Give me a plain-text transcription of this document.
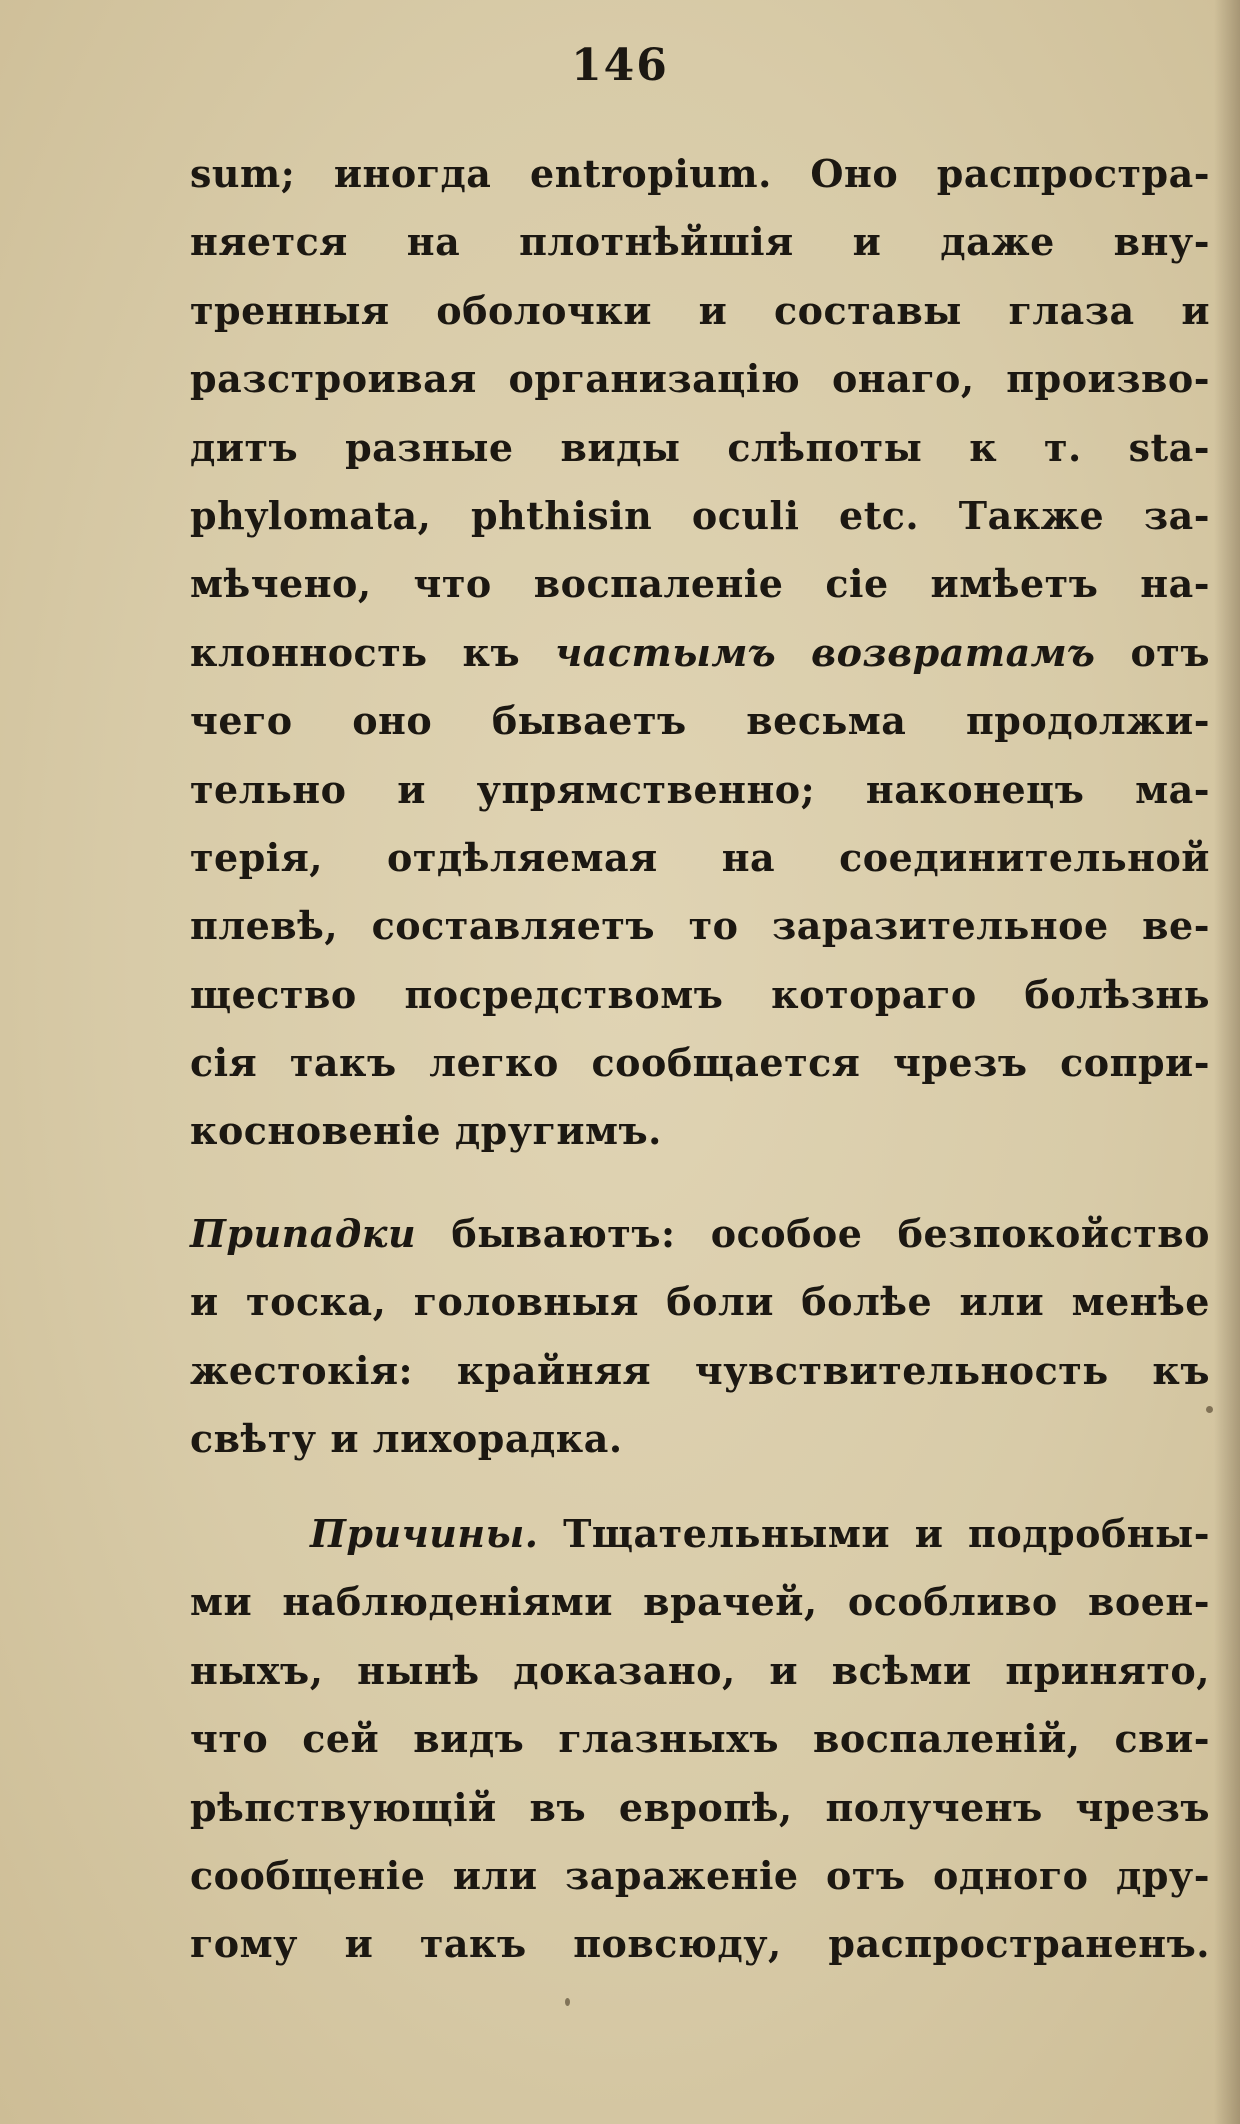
146
sum; иногда entropium. Оно распростра-
няется на плотнѣйшія и даже вну-
тренныя оболочки и составы глаза и
разстроивая организацію онаго, произво-
дитъ разные виды слѣпоты к т. sta-
phylomata, phthisin oculi etc. Также за-
мѣчено, что воспаленіе сіе имѣетъ на-
клонность къ частымъ возвратамъ отъ
чего оно бываетъ весьма продолжи-
тельно и упрямственно; наконецъ ма-
терія, отдѣляемая на соединительной
плевѣ, составляетъ то заразительное ве-
щество посредствомъ котораго болѣзнь
сія такъ легко сообщается чрезъ сопри-
косновеніе другимъ.
Припадки бываютъ: особое безпокойство
и тоска, головныя боли болѣе или менѣе
жестокія: крайняя чувствительность къ
свѣту и лихорадка.
Причины. Тщательными и подробны-
ми наблюденіями врачей, особливо воен-
ныхъ, нынѣ доказано, и всѣми принято,
что сей видъ глазныхъ воспаленій, сви-
рѣпствующій въ европѣ, полученъ чрезъ
сообщеніе или зараженіе отъ одного дру-
гому и такъ повсюду, распространенъ.
